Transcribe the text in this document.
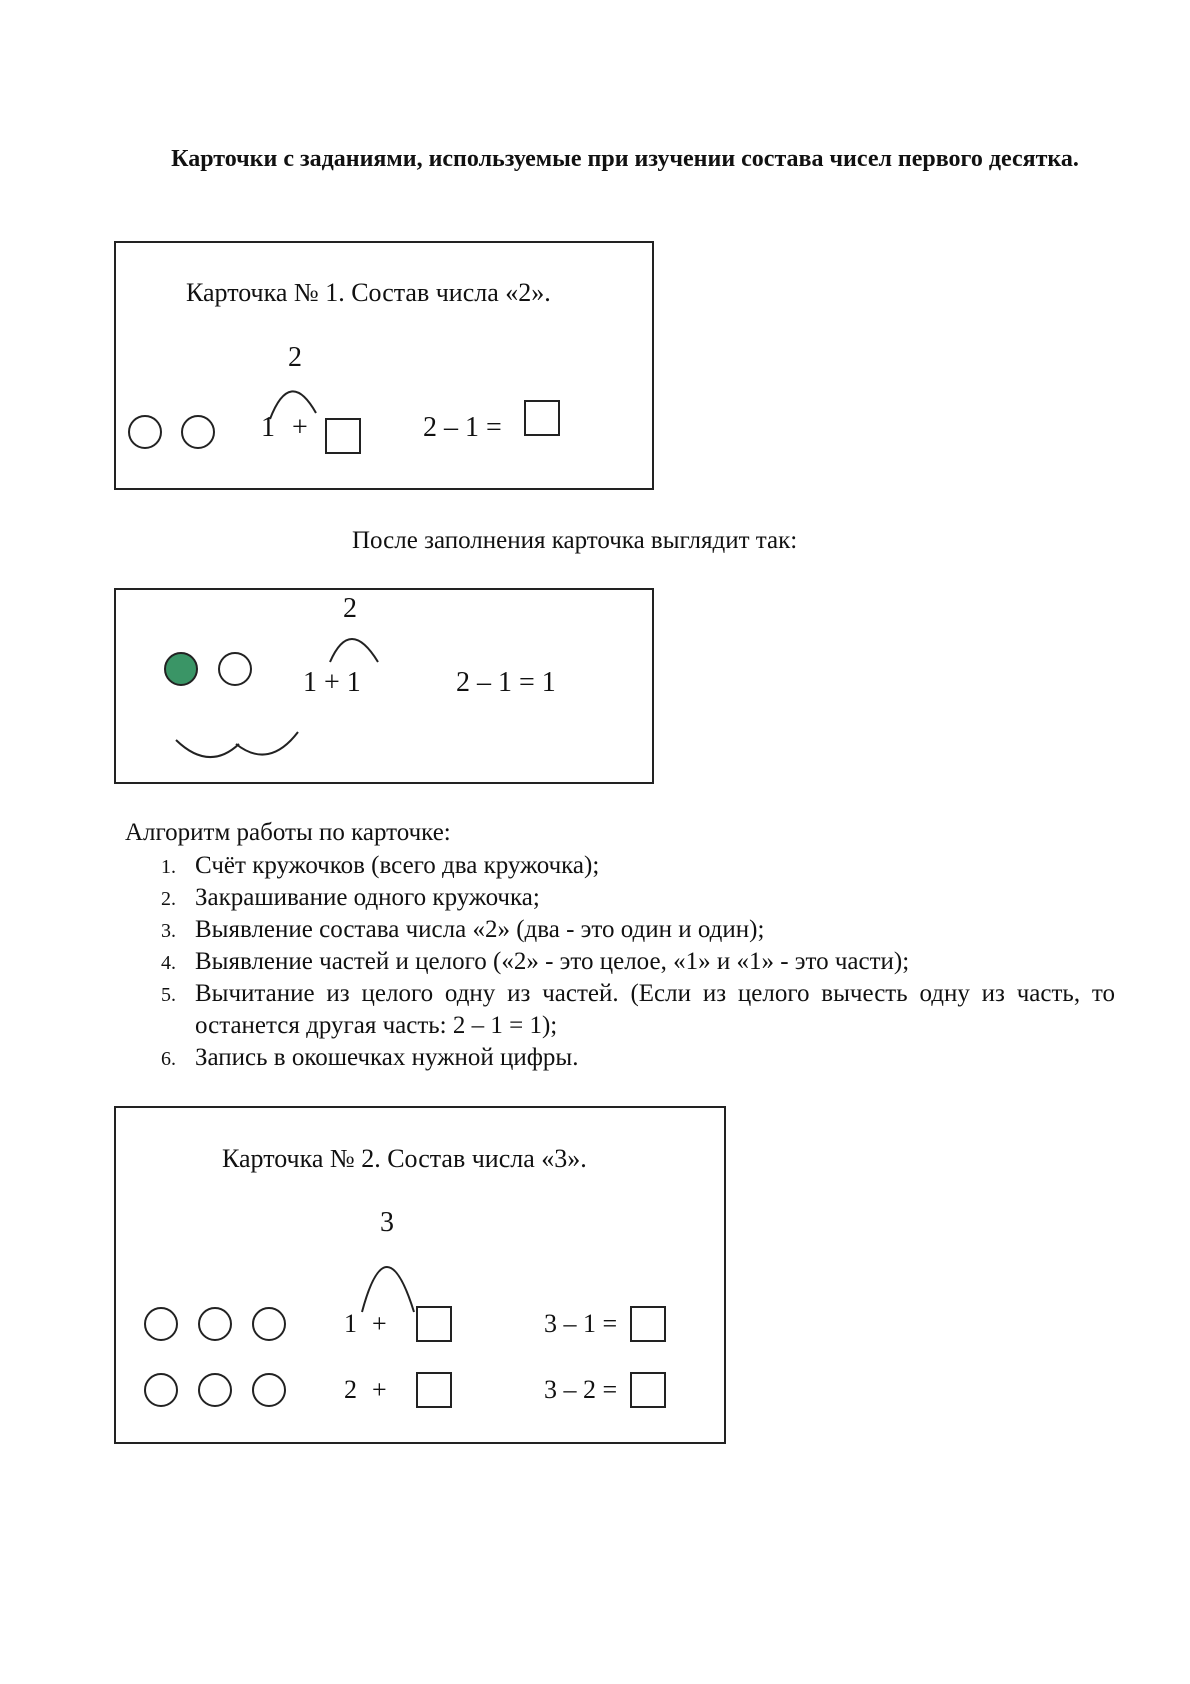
Карточки с заданиями, используемые при изучении состава чисел первого десятка.
Карточка № 1. Состав числа «2».
2
1 +	2 – 1 =
После заполнения карточка выглядит так:
2
1 + 1	2 – 1 = 1
Алгоритм работы по карточке:
1. Счёт кружочков (всего два кружочка);
2. Закрашивание одного кружочка;
3. Выявление состава числа «2» (два - это один и один);
4. Выявление частей и целого («2» - это целое, «1» и «1» - это части);
5. Вычитание из целого одну из частей. (Если из целого вычесть одну из часть, то останется другая часть: 2 – 1 = 1);
6. Запись в окошечках нужной цифры.
Карточка № 2. Состав числа «3».
3
1 +	3 – 1 =
2 +	3 – 2 =
